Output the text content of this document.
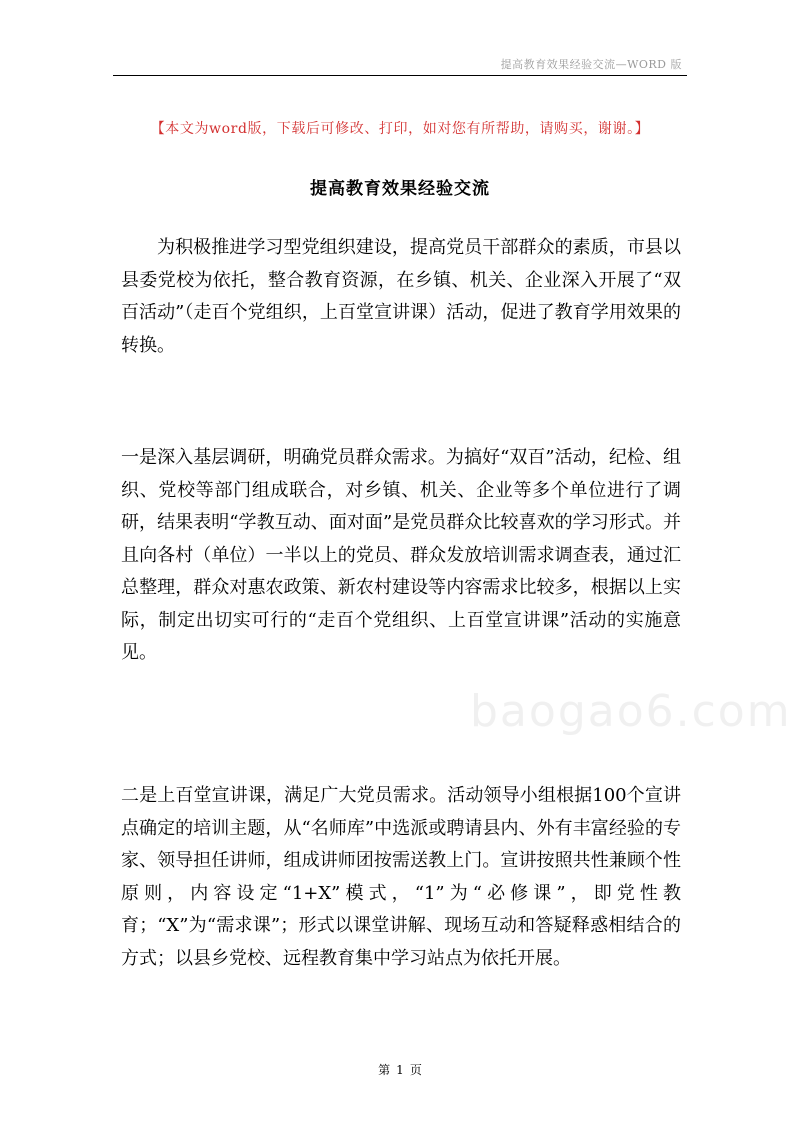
提高教育效果经验交流—WORD 版
【本文为word版，下载后可修改、打印，如对您有所帮助，请购买，谢谢。】
提高教育效果经验交流
baogao6.com

为积极推进学习型党组织建设，提高党员干部群众的素质，市县以县委党校为依托，整合教育资源，在乡镇、机关、企业深入开展了“双百活动”（走百个党组织，上百堂宣讲课）活动，促进了教育学用效果的转换。

一是深入基层调研，明确党员群众需求。为搞好“双百”活动，纪检、组织、党校等部门组成联合，对乡镇、机关、企业等多个单位进行了调研，结果表明“学教互动、面对面”是党员群众比较喜欢的学习形式。并且向各村（单位）一半以上的党员、群众发放培训需求调查表，通过汇总整理，群众对惠农政策、新农村建设等内容需求比较多，根据以上实际，制定出切实可行的“走百个党组织、上百堂宣讲课”活动的实施意见。

二是上百堂宣讲课，满足广大党员需求。活动领导小组根据100个宣讲点确定的培训主题，从“名师库”中选派或聘请县内、外有丰富经验的专家、领导担任讲师，组成讲师团按需送教上门。宣讲按照共性兼顾个性原则，内容设定“1+X”模式，“1”为“必修课”，即党性教育；“X”为“需求课”；形式以课堂讲解、现场互动和答疑释惑相结合的方式；以县乡党校、远程教育集中学习站点为依托开展。

第 1 页
